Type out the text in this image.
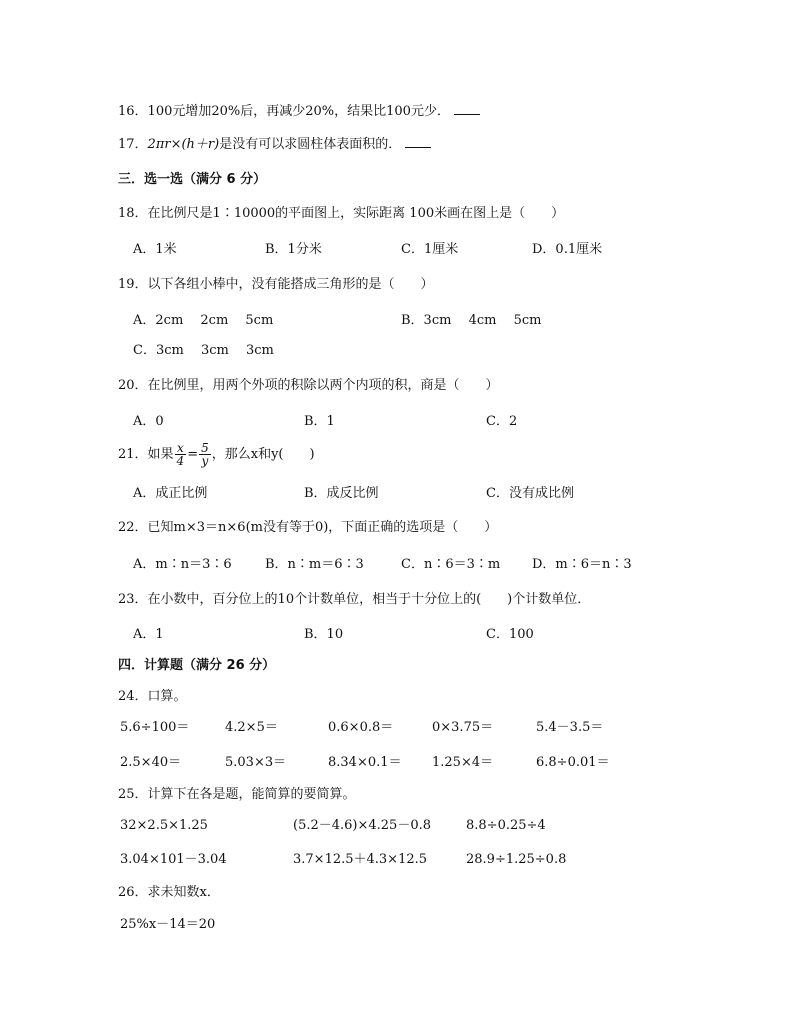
16．100元增加20%后，再减少20%，结果比100元少．
17．2πr×(h＋r)是没有可以求圆柱体表面积的．
三．选一选（满分 6 分）
18．在比例尺是1∶10000的平面图上，实际距离 100米画在图上是（　　）
A．1米	B．1分米	C．1厘米	D．0.1厘米
19．以下各组小棒中，没有能搭成三角形的是（　　）
A．2cm　 2cm　 5cm	B．3cm　 4cm　 5cm
C．3cm　 3cm　 3cm
20．在比例里，用两个外项的积除以两个内项的积，商是（　　）
A．0	B．1	C．2
21．如果 $\frac{x}{4} = \frac{5}{y}$ ，那么x和y(　　)
A．成正比例	B．成反比例	C．没有成比例
22．已知m×3＝n×6(m没有等于0)，下面正确的选项是（　　）
A．m∶n＝3∶6	B．n∶m＝6∶3	C．n∶6＝3∶m D．m∶6＝n∶3
23．在小数中，百分位上的10个计数单位，相当于十分位上的(　　)个计数单位．
A．1	B．10	C．100
四．计算题（满分 26 分）
24．口算。
5.6÷100＝	4.2×5＝	0.6×0.8＝	0×3.75＝	5.4－3.5＝
2.5×40＝	5.03×3＝	8.34×0.1＝ 1.25×4＝	6.8÷0.01＝
25．计算下在各是题，能简算的要简算。
32×2.5×1.25	(5.2－4.6)×4.25－0.8	8.8÷0.25÷4
3.04×101－3.04	3.7×12.5＋4.3×12.5	28.9÷1.25÷0.8
26．求未知数x．
25%x－14＝20
